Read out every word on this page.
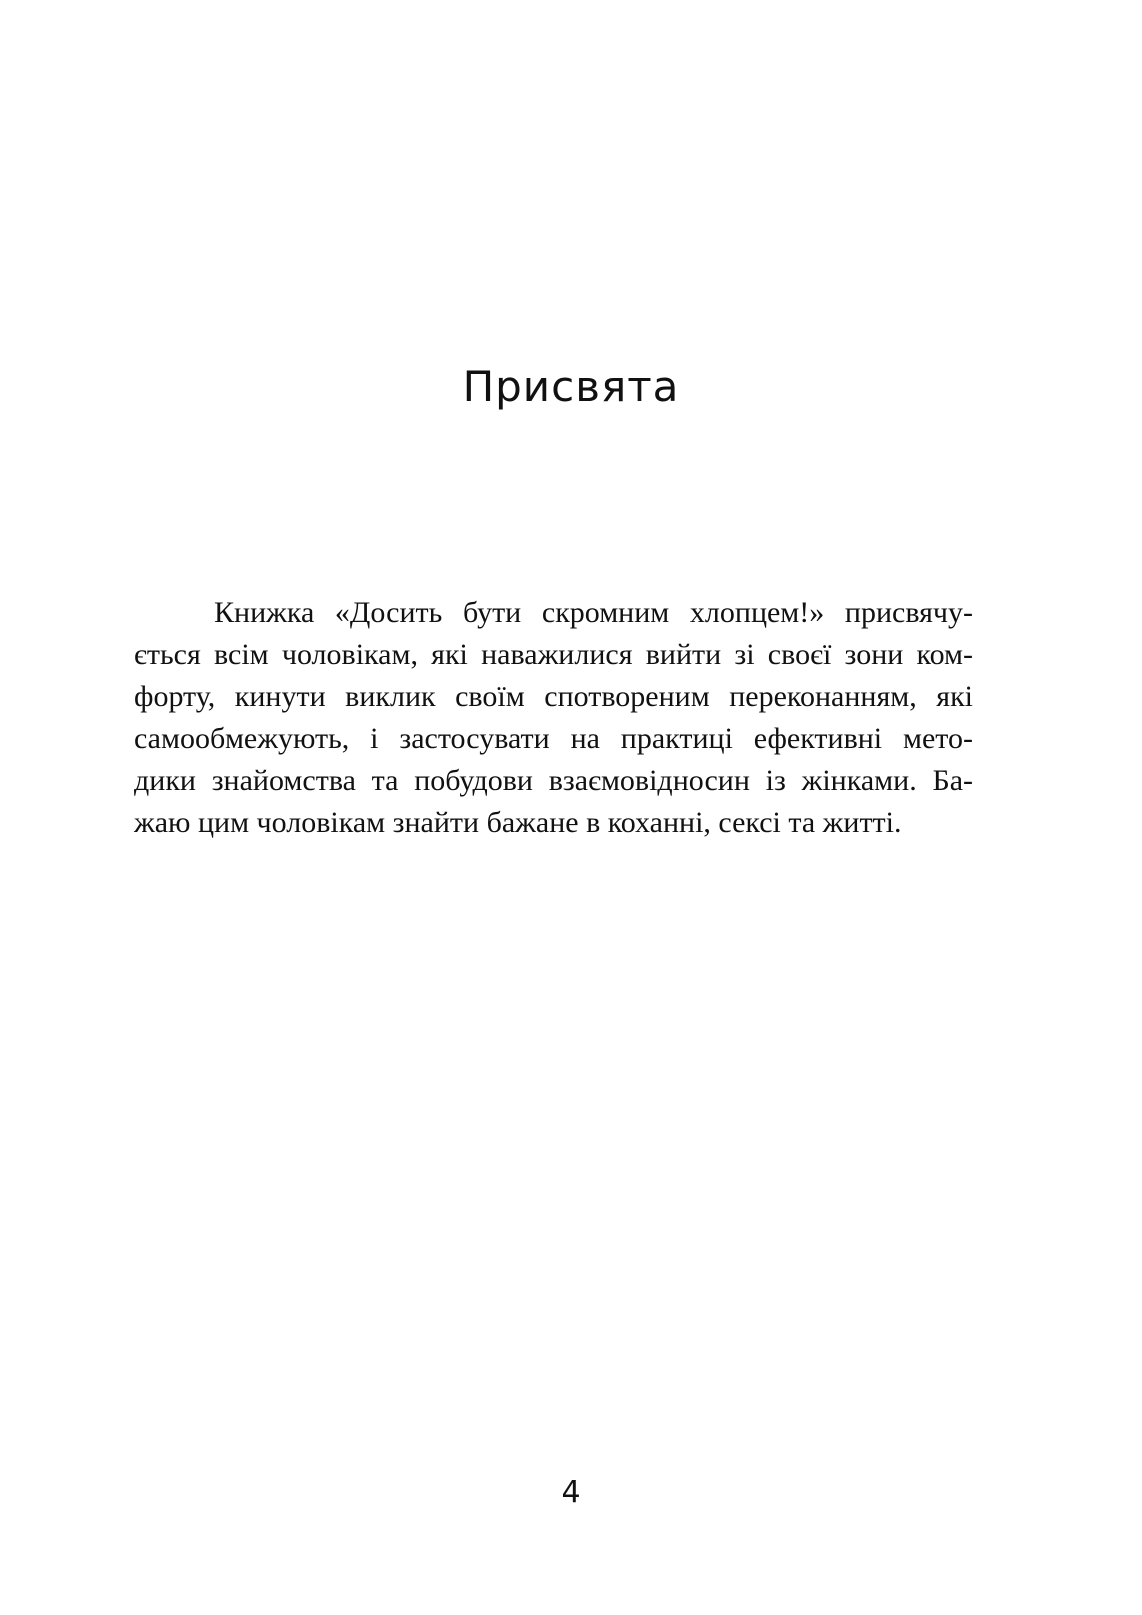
Присвята
Книжка «Досить бути скромним хлопцем!» присвячу-
ється всім чоловікам, які наважилися вийти зі своєї зони ком-
форту, кинути виклик своїм спотвореним переконанням, які
самообмежують, і застосувати на практиці ефективні мето-
дики знайомства та побудови взаємовідносин із жінками. Ба-
жаю цим чоловікам знайти бажане в коханні, сексі та житті.
4
